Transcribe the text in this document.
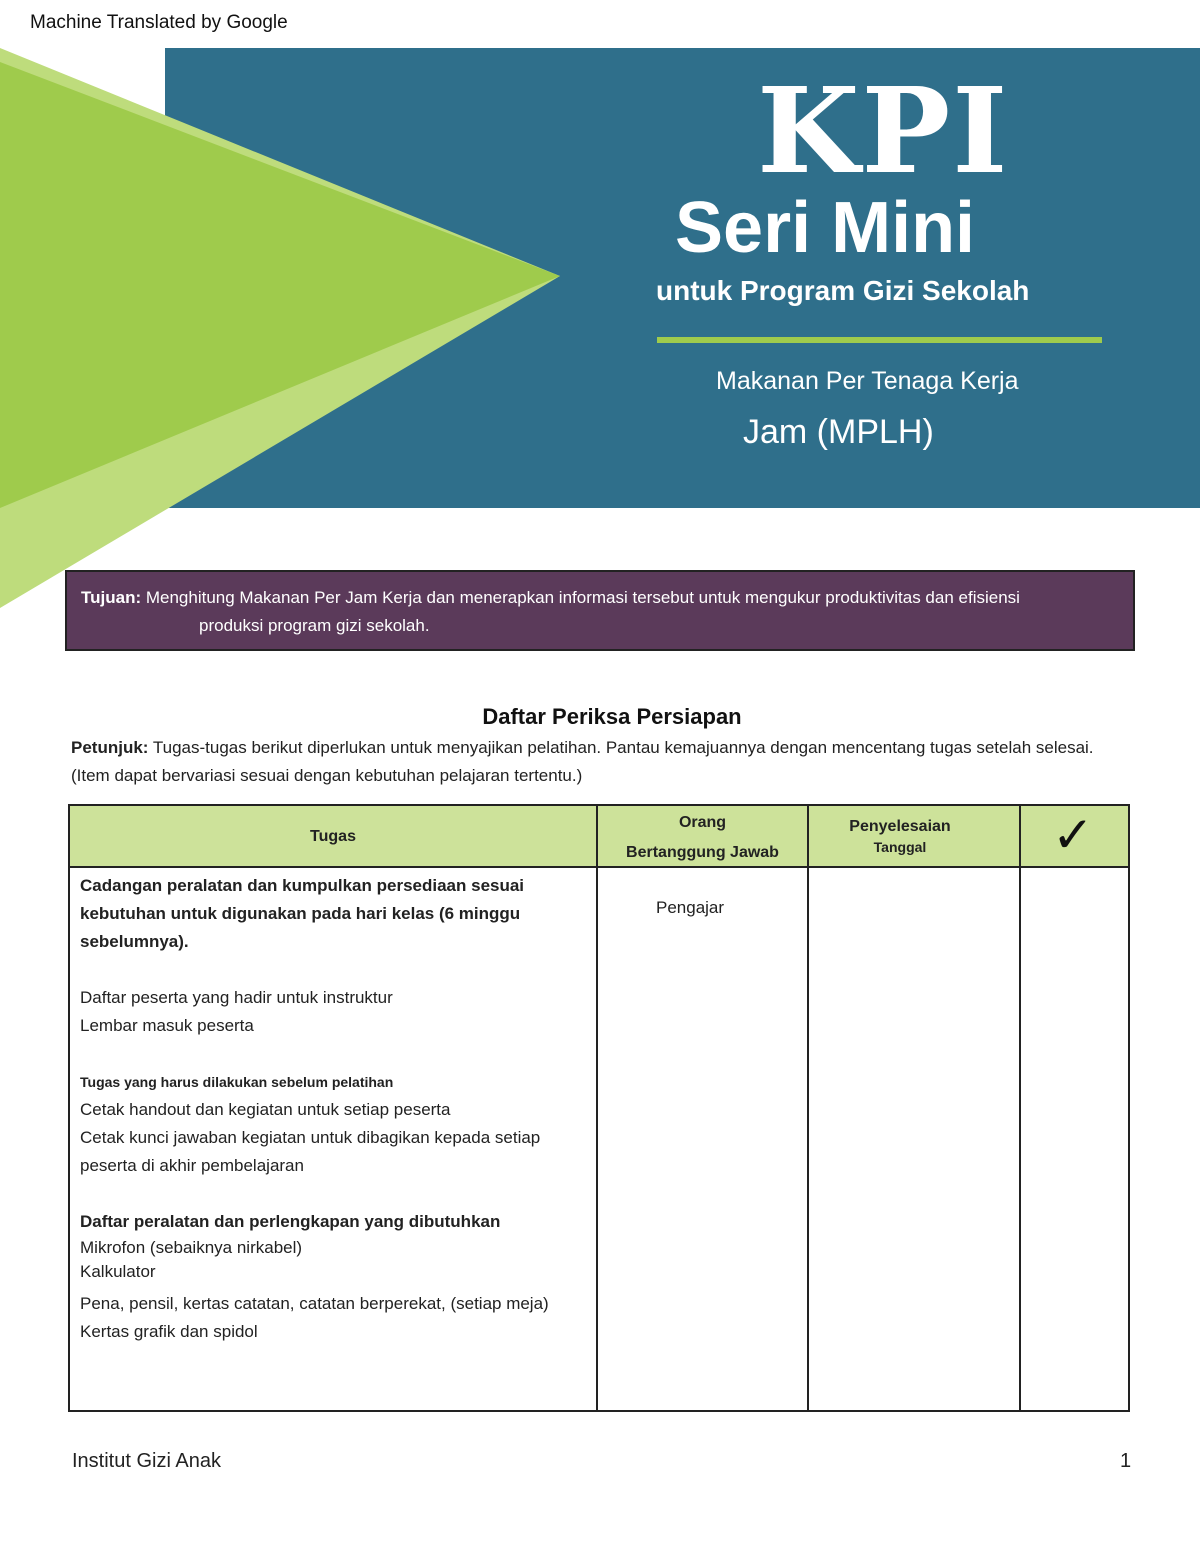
Machine Translated by Google
KPI
Seri Mini
untuk Program Gizi Sekolah
Makanan Per Tenaga Kerja
Jam (MPLH)
Tujuan: Menghitung Makanan Per Jam Kerja dan menerapkan informasi tersebut untuk mengukur produktivitas dan efisiensi
produksi program gizi sekolah.
Daftar Periksa Persiapan
Petunjuk: Tugas-tugas berikut diperlukan untuk menyajikan pelatihan. Pantau kemajuannya dengan mencentang tugas setelah selesai. (Item dapat bervariasi sesuai dengan kebutuhan pelajaran tertentu.)
Tugas
Orang
Bertanggung Jawab
Penyelesaian
Tanggal	✓

Cadangan peralatan dan kumpulkan persediaan sesuai kebutuhan untuk digunakan pada hari kelas (6 minggu sebelumnya).

Daftar peserta yang hadir untuk instruktur

Lembar masuk peserta

Tugas yang harus dilakukan sebelum pelatihan

Cetak handout dan kegiatan untuk setiap peserta

Cetak kunci jawaban kegiatan untuk dibagikan kepada setiap peserta di akhir pembelajaran

Daftar peralatan dan perlengkapan yang dibutuhkan

Mikrofon (sebaiknya nirkabel)

Kalkulator

Pena, pensil, kertas catatan, catatan berperekat, (setiap meja)

Kertas grafik dan spidol

Pengajar
Institut Gizi Anak	1
